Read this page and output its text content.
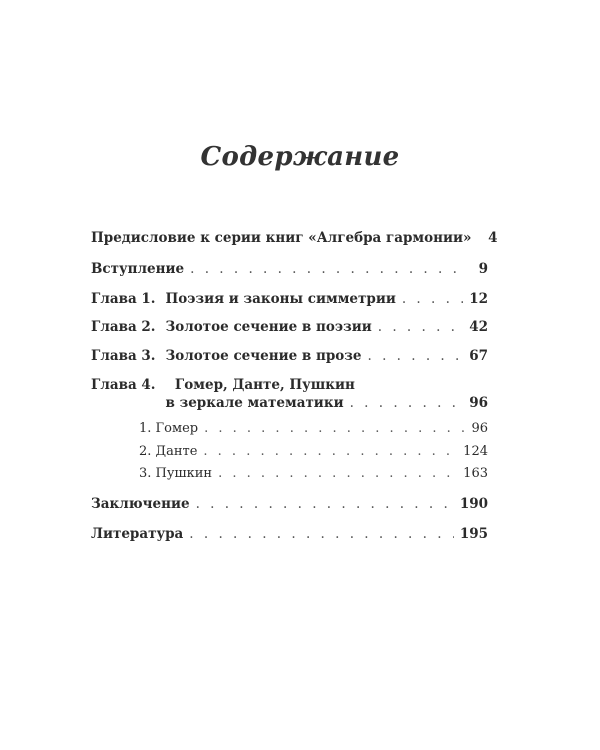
Содержание
Предисловие к серии книг «Алгебра гармонии»	4
Вступление . . .	9
Глава 1. Поэзия и законы симметрии . . .	12
Глава 2. Золотое сечение в поэзии . . .	42
Глава 3. Золотое сечение в прозе . . .	67
Глава 4. Гомер, Данте, Пушкин
в зеркале математики . . .	96
1. Гомер . . .	96
2. Данте . . .	124
3. Пушкин . . .	163
Заключение . . .	190
Литература . . .	195
